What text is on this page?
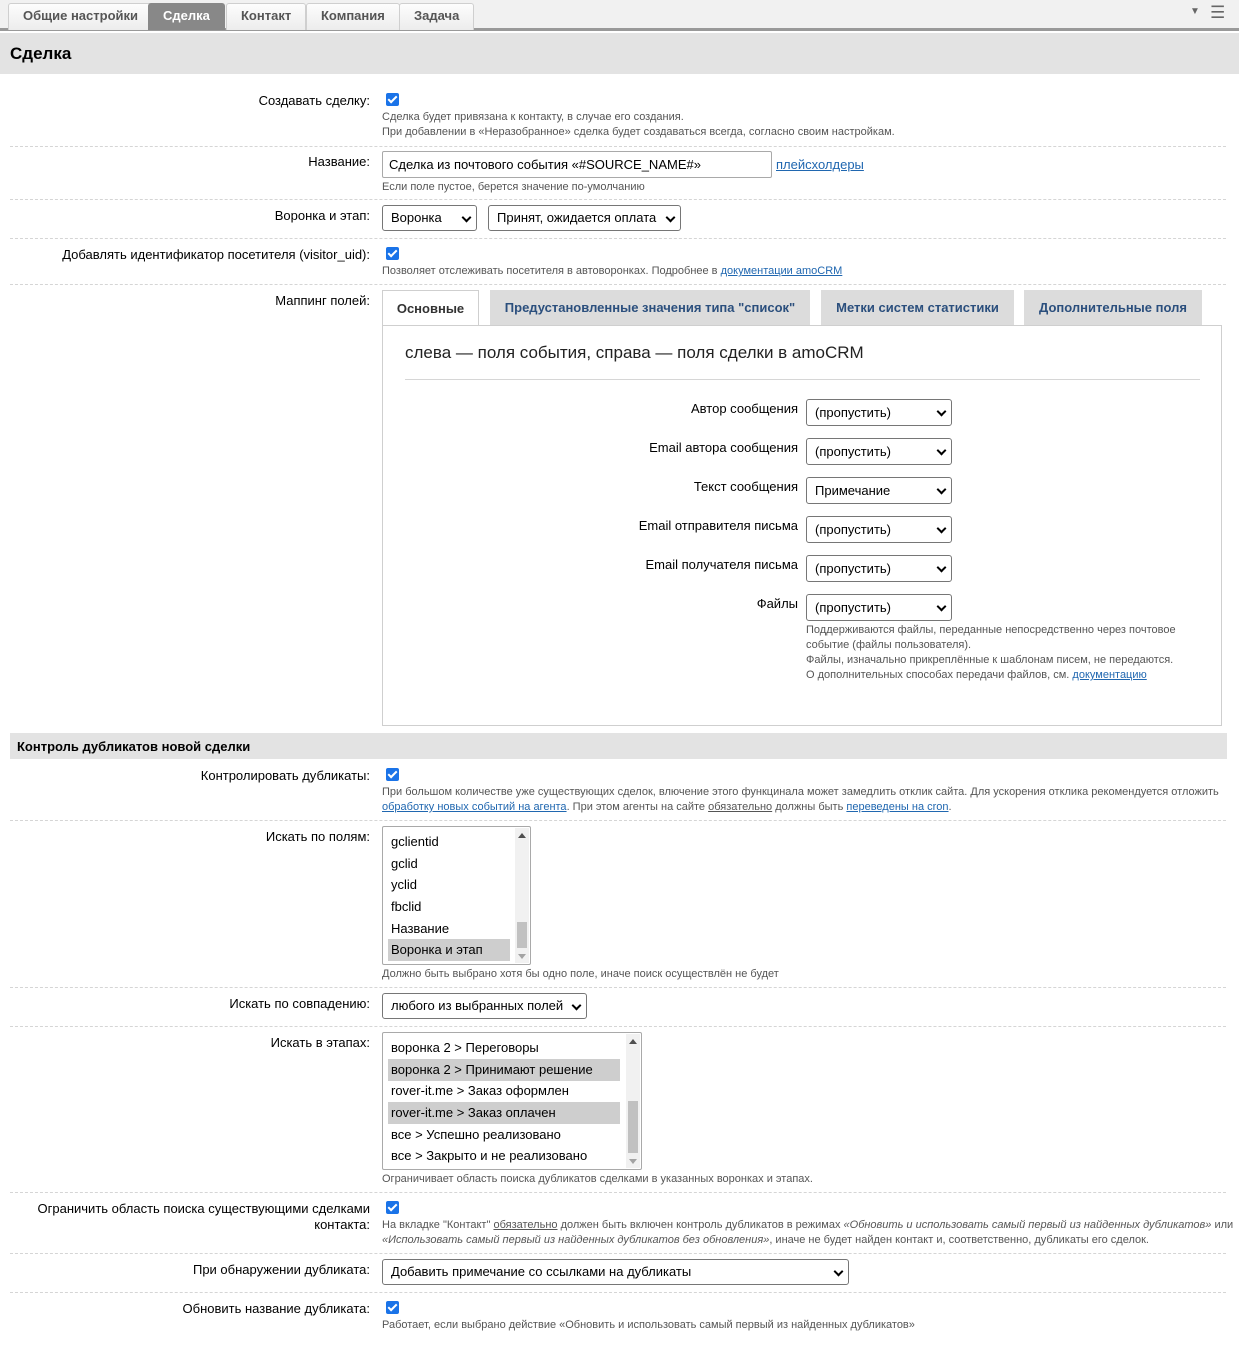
Общие настройки	Сделка	Контакт	Компания	Задача	▼ ☰
Сделка
Создавать сделку:
Сделка будет привязана к контакту, в случае его создания.
При добавлении в «Неразобранное» сделка будет создаваться всегда, согласно своим настройкам.
Название:	Сделка из почтового события «#SOURCE_NAME#»	плейсхолдеры
Если поле пустое, берется значение по-умолчанию
Воронка и этап:	Воронка	Принят, ожидается оплата
Добавлять идентификатор посетителя (visitor_uid):
Позволяет отслеживать посетителя в автоворонках. Подробнее в документации amoCRM
Маппинг полей:
Основные	Предустановленные значения типа "список"	Метки систем статистики	Дополнительные поля
слева — поля события, справа — поля сделки в amoCRM
Автор сообщения	(пропустить)
Email автора сообщения	(пропустить)
Текст сообщения	Примечание
Email отправителя письма	(пропустить)
Email получателя письма	(пропустить)
Файлы	(пропустить)
Поддерживаются файлы, переданные непосредственно через почтовое
событие (файлы пользователя).
Файлы, изначально прикреплённые к шаблонам писем, не передаются.
О дополнительных способах передачи файлов, см. документацию
Контроль дубликатов новой сделки
Контролировать дубликаты:
При большом количестве уже существующих сделок, влючение этого функцинала может замедлить отклик сайта. Для ускорения отклика рекомендуется отложить
обработку новых событий на агента. При этом агенты на сайте обязательно должны быть переведены на cron.
Искать по полям: gclientid
gclid
yclid
fbclid
Название
Воронка и этап
Должно быть выбрано хотя бы одно поле, иначе поиск осуществлён не будет
Искать по совпадению:	любого из выбранных полей
Искать в этапах: воронка 2 > Переговоры
воронка 2 > Принимают решение
rover-it.me > Заказ оформлен
rover-it.me > Заказ оплачен
все > Успешно реализовано
все > Закрыто и не реализовано
Ограничивает область поиска дубликатов сделками в указанных воронках и этапах.
Ограничить область поиска существующими сделками
контакта: На вкладке "Контакт" обязательно должен быть включен контроль дубликатов в режимах «Обновить и использовать самый первый из найденных дубликатов» или
«Использовать самый первый из найденных дубликатов без обновления», иначе не будет найден контакт и, соответственно, дубликаты его сделок.
При обнаружении дубликата:	Добавить примечание со ссылками на дубликаты
Обновить название дубликата:
Работает, если выбрано действие «Обновить и использовать самый первый из найденных дубликатов»
